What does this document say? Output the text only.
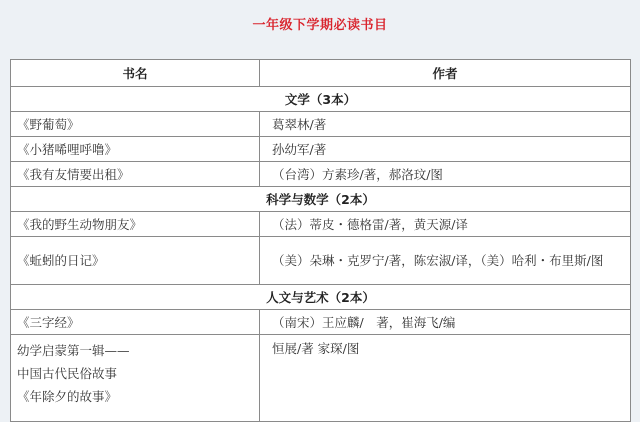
一年级下学期必读书目
书名	作者
文学（3本）	
《野葡萄》	葛翠林/著
《小猪唏哩呼噜》	孙幼军/著
《我有友情要出租》	（台湾）方素珍/著，郝洛玟/图
科学与数学（2本）	
《我的野生动物朋友》	（法）蒂皮・德格雷/著，黄天源/译
《蚯蚓的日记》	（美）朵琳・克罗宁/著，陈宏淑/译，（美）哈利・布里斯/图
人文与艺术（2本）	
《三字经》	（南宋）王应麟/　著，崔海飞/编

幼学启蒙第一辑——
中国古代民俗故事
《年除夕的故事》	恒展/著 家琛/图
